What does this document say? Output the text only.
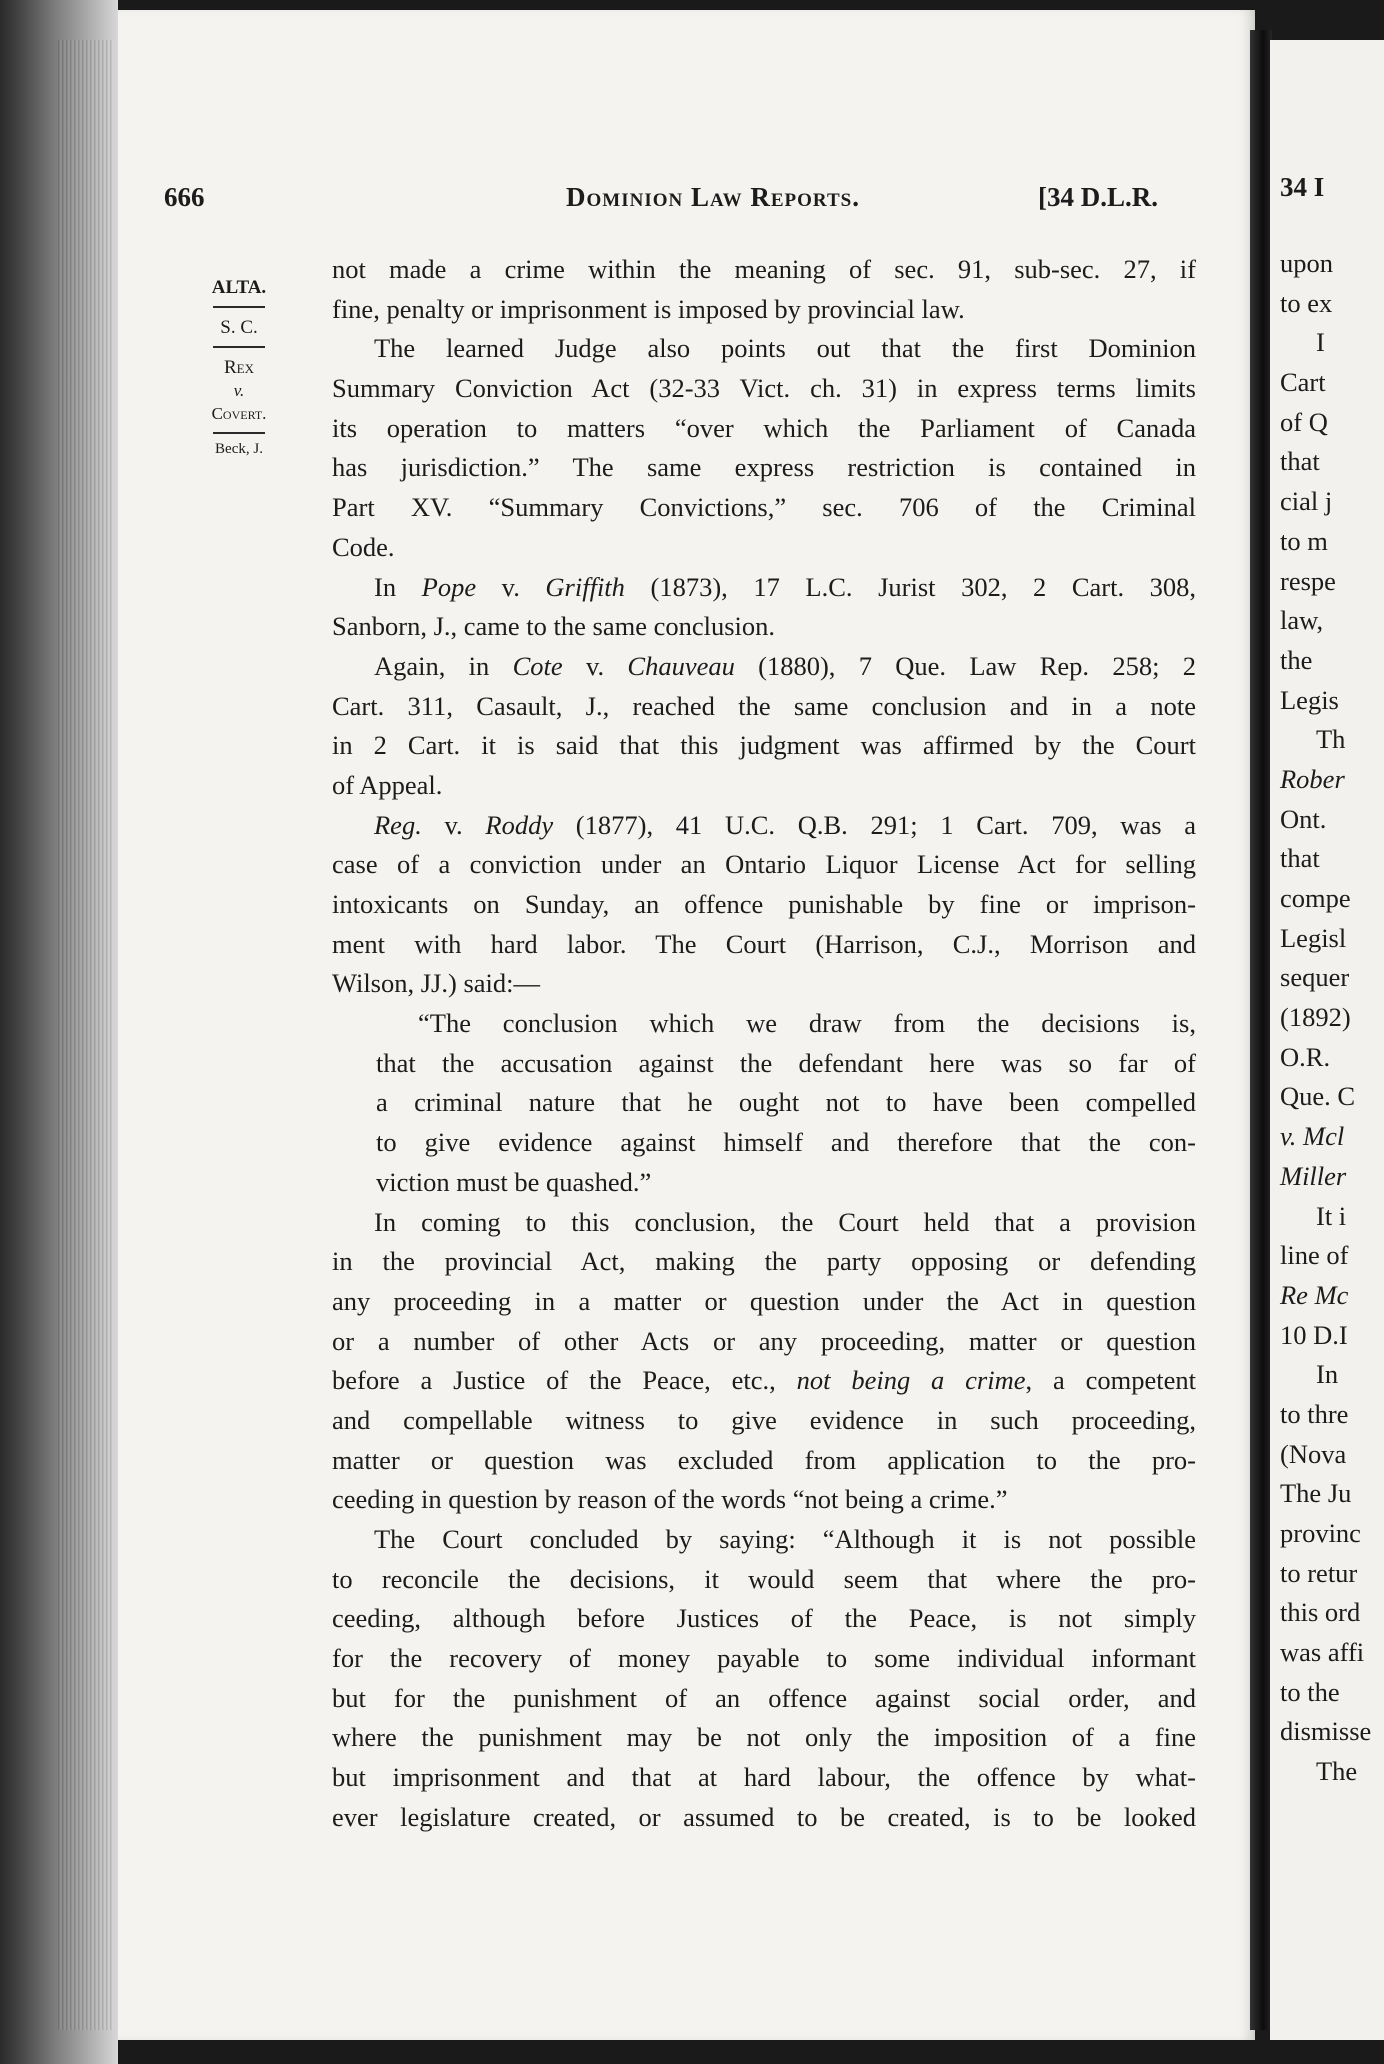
666	Dominion Law Reports.	[34 D.L.R.
ALTA.
S. C.
Rex
v.
Covert.
Beck, J.

not made a crime within the meaning of sec. 91, sub-sec. 27, if
fine, penalty or imprisonment is imposed by provincial law.

The learned Judge also points out that the first Dominion
Summary Conviction Act (32-33 Vict. ch. 31) in express terms limits
its operation to matters “over which the Parliament of Canada
has jurisdiction.” The same express restriction is contained in
Part XV. “Summary Convictions,” sec. 706 of the Criminal
Code.

In Pope v. Griffith (1873), 17 L.C. Jurist 302, 2 Cart. 308,
Sanborn, J., came to the same conclusion.

Again, in Cote v. Chauveau (1880), 7 Que. Law Rep. 258; 2
Cart. 311, Casault, J., reached the same conclusion and in a note
in 2 Cart. it is said that this judgment was affirmed by the Court
of Appeal.

Reg. v. Roddy (1877), 41 U.C. Q.B. 291; 1 Cart. 709, was a
case of a conviction under an Ontario Liquor License Act for selling
intoxicants on Sunday, an offence punishable by fine or imprison-
ment with hard labor. The Court (Harrison, C.J., Morrison and
Wilson, JJ.) said:—

“The conclusion which we draw from the decisions is,
that the accusation against the defendant here was so far of
a criminal nature that he ought not to have been compelled
to give evidence against himself and therefore that the con-
viction must be quashed.”

In coming to this conclusion, the Court held that a provision
in the provincial Act, making the party opposing or defending
any proceeding in a matter or question under the Act in question
or a number of other Acts or any proceeding, matter or question
before a Justice of the Peace, etc., not being a crime, a competent
and compellable witness to give evidence in such proceeding,
matter or question was excluded from application to the pro-
ceeding in question by reason of the words “not being a crime.”

The Court concluded by saying: “Although it is not possible
to reconcile the decisions, it would seem that where the pro-
ceeding, although before Justices of the Peace, is not simply
for the recovery of money payable to some individual informant
but for the punishment of an offence against social order, and
where the punishment may be not only the imposition of a fine
but imprisonment and that at hard labour, the offence by what-
ever legislature created, or assumed to be created, is to be looked

34 I
upon
to ex
I
Cart
of Q
that
cial j
to m
respe
law,
the
Legis
Th
Rober
Ont.
that
compe
Legisl
sequer
(1892)
O.R.
Que. C
v. Mcl
Miller
It i
line of
Re Mc
10 D.I
In
to thre
(Nova
The Ju
provinc
to retur
this ord
was affi
to the
dismisse
The
